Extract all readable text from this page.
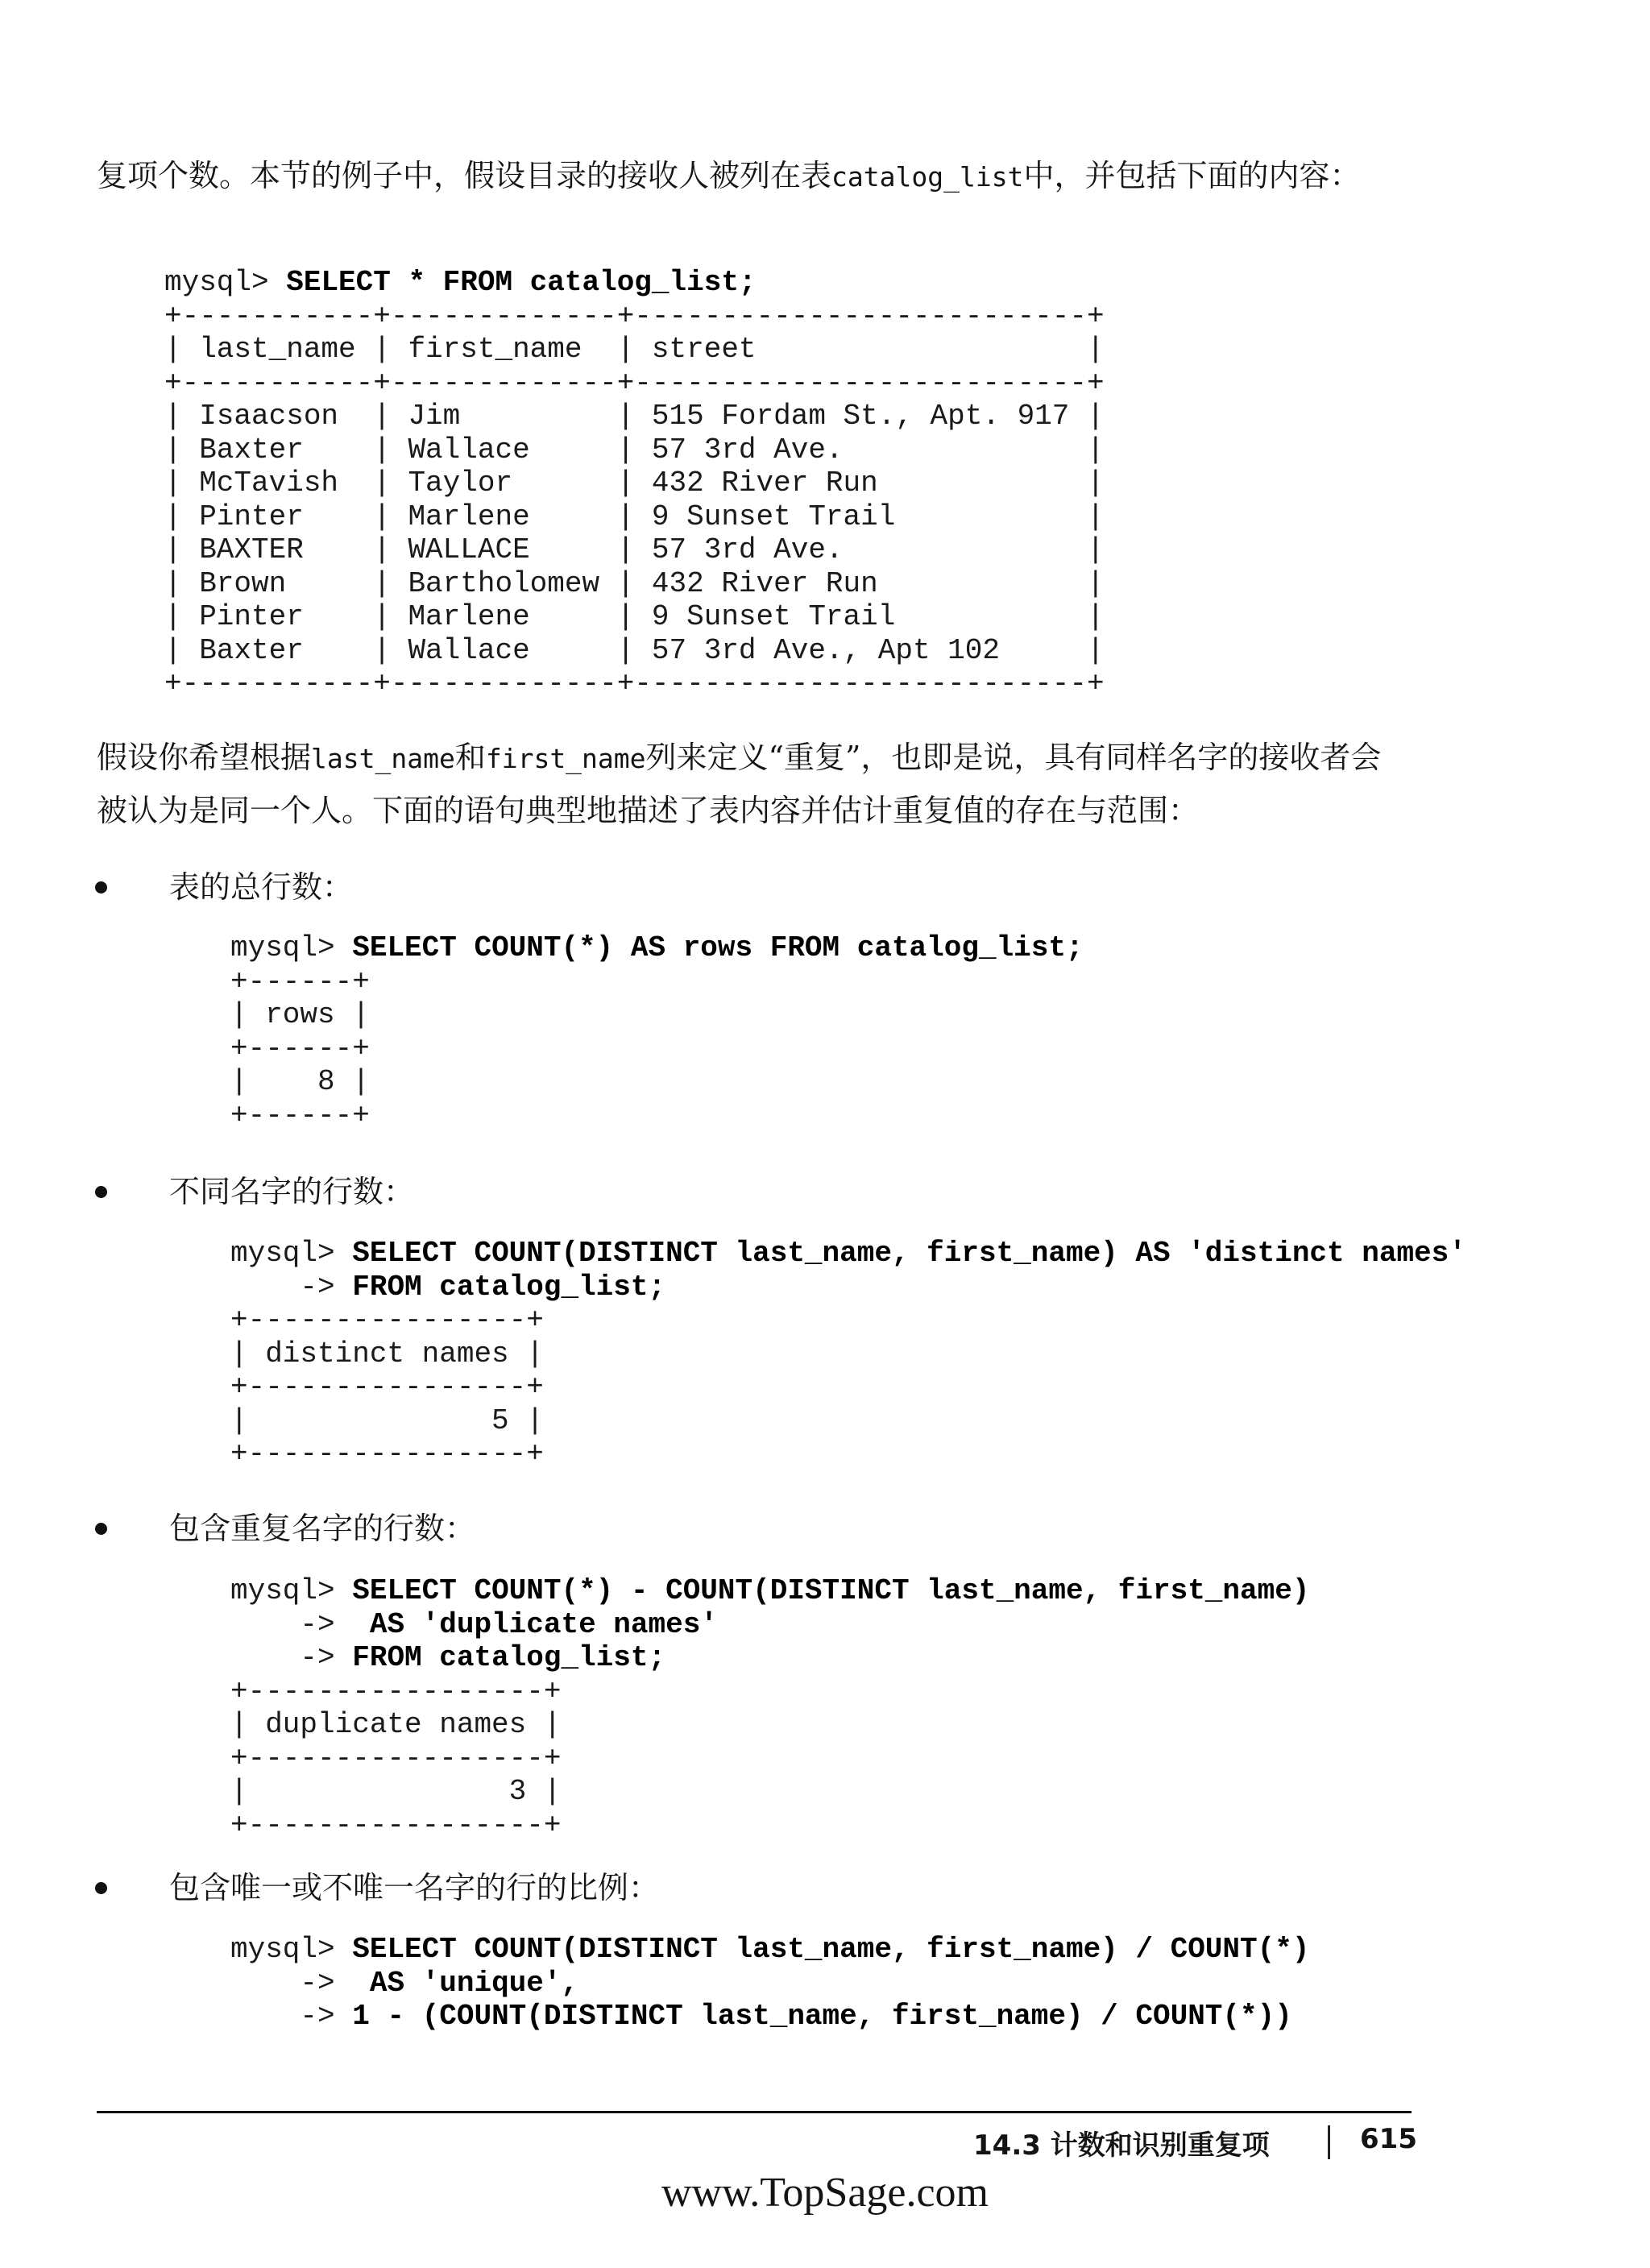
复项个数。本节的例子中，假设目录的接收人被列在表catalog_list中，并包括下面的内容：

mysql> SELECT * FROM catalog_list;
+-----------+-------------+--------------------------+
| last_name | first_name  | street                   |
+-----------+-------------+--------------------------+
| Isaacson  | Jim         | 515 Fordam St., Apt. 917 |
| Baxter    | Wallace     | 57 3rd Ave.              |
| McTavish  | Taylor      | 432 River Run            |
| Pinter    | Marlene     | 9 Sunset Trail           |
| BAXTER    | WALLACE     | 57 3rd Ave.              |
| Brown     | Bartholomew | 432 River Run            |
| Pinter    | Marlene     | 9 Sunset Trail           |
| Baxter    | Wallace     | 57 3rd Ave., Apt 102     |
+-----------+-------------+--------------------------+

假设你希望根据last_name和first_name列来定义“重复”，也即是说，具有同样名字的接收者会被认为是同一个人。下面的语句典型地描述了表内容并估计重复值的存在与范围：

表的总行数：
mysql> SELECT COUNT(*) AS rows FROM catalog_list;
+------+
| rows |
+------+
|    8 |
+------+
不同名字的行数：
mysql> SELECT COUNT(DISTINCT last_name, first_name) AS 'distinct names'
-> FROM catalog_list;
+----------------+
| distinct names |
+----------------+
|              5 |
+----------------+
包含重复名字的行数：
mysql> SELECT COUNT(*) - COUNT(DISTINCT last_name, first_name)
->  AS 'duplicate names'
-> FROM catalog_list;
+-----------------+
| duplicate names |
+-----------------+
|               3 |
+-----------------+
包含唯一或不唯一名字的行的比例：
mysql> SELECT COUNT(DISTINCT last_name, first_name) / COUNT(*)
->  AS 'unique',
-> 1 - (COUNT(DISTINCT last_name, first_name) / COUNT(*))
14.3 计数和识别重复项	615
www.TopSage.com
